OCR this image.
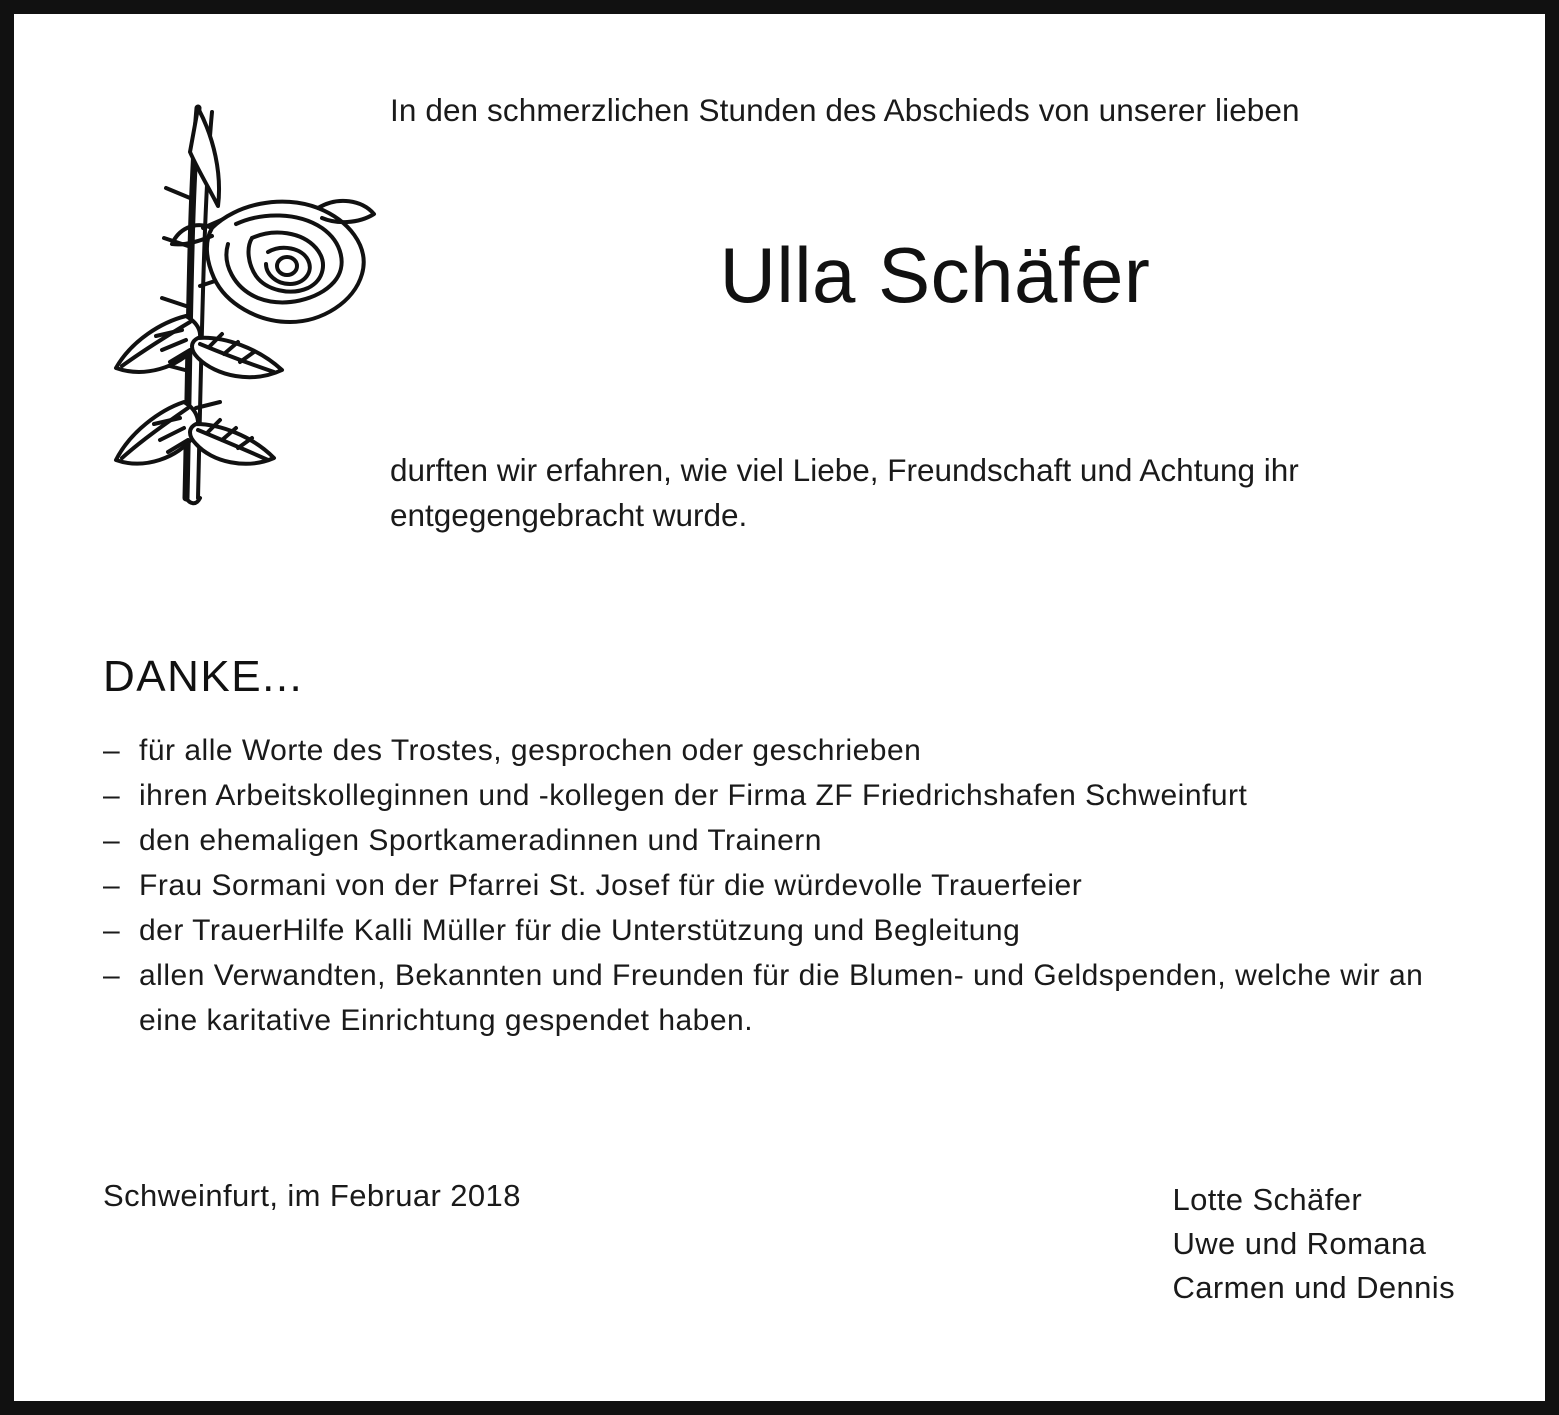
In den schmerzlichen Stunden des Abschieds von unserer lieben
Ulla Schäfer
durften wir erfahren, wie viel Liebe, Freundschaft und Achtung ihr entgegengebracht wurde.
DANKE...
– für alle Worte des Trostes, gesprochen oder geschrieben
– ihren Arbeitskolleginnen und -kollegen der Firma ZF Friedrichshafen Schweinfurt
– den ehemaligen Sportkameradinnen und Trainern
– Frau Sormani von der Pfarrei St. Josef für die würdevolle Trauerfeier
– der TrauerHilfe Kalli Müller für die Unterstützung und Begleitung
– allen Verwandten, Bekannten und Freunden für die Blumen- und Geldspenden, welche wir an eine karitative Einrichtung gespendet haben.
Schweinfurt, im Februar 2018	Lotte Schäfer
Uwe und Romana
Carmen und Dennis
